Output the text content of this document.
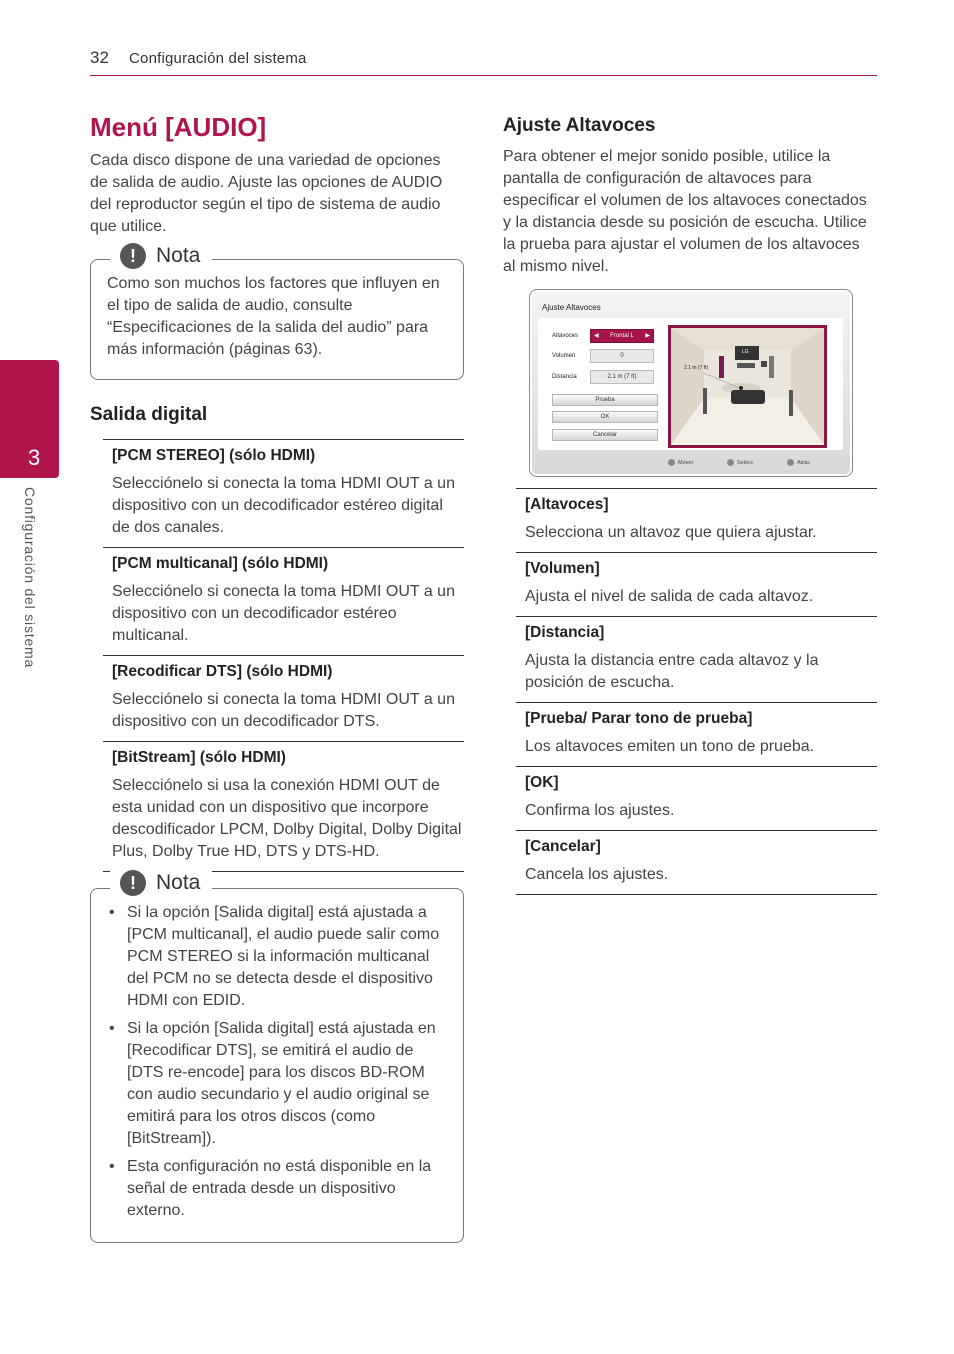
32 Configuración del sistema
3
Configuración del sistema
Menú [AUDIO]
Cada disco dispone de una variedad de opciones de salida de audio. Ajuste las opciones de AUDIO del reproductor según el tipo de sistema de audio que utilice.
Como son muchos los factores que influyen en el tipo de salida de audio, consulte “Especificaciones de la salida del audio” para más información (páginas 63).
! Nota
Salida digital
[PCM STEREO] (sólo HDMI)
Selecciónelo si conecta la toma HDMI OUT a un dispositivo con un decodificador estéreo digital de dos canales.
[PCM multicanal] (sólo HDMI)
Selecciónelo si conecta la toma HDMI OUT a un dispositivo con un decodificador estéreo multicanal.
[Recodificar DTS] (sólo HDMI)
Selecciónelo si conecta la toma HDMI OUT a un dispositivo con un decodificador DTS.
[BitStream] (sólo HDMI)
Selecciónelo si usa la conexión HDMI OUT de esta unidad con un dispositivo que incorpore descodificador LPCM, Dolby Digital, Dolby Digital Plus, Dolby True HD, DTS y DTS-HD.
• Si la opción [Salida digital] está ajustada a [PCM multicanal], el audio puede salir como PCM STEREO si la información multicanal del PCM no se detecta desde el dispositivo HDMI con EDID.
• Si la opción [Salida digital] está ajustada en [Recodificar DTS], se emitirá el audio de [DTS re-encode] para los discos BD-ROM con audio secundario y el audio original se emitirá para los otros discos (como [BitStream]).
• Esta configuración no está disponible en la señal de entrada desde un dispositivo externo.
! Nota
Ajuste Altavoces
Para obtener el mejor sonido posible, utilice la pantalla de configuración de altavoces para especificar el volumen de los altavoces conectados y la distancia desde su posición de escucha. Utilice la prueba para ajustar el volumen de los altavoces al mismo nivel.
Ajuste Altavoces
Altavoces	◀ Frontal L ▶
Volumen	0
Distancia	2.1 m (7 ft)
Prueba
OK
Cancelar
2.1 m (7 ft)
LG
Mover	Selecc	Atrás
[Altavoces]
Selecciona un altavoz que quiera ajustar.
[Volumen]
Ajusta el nivel de salida de cada altavoz.
[Distancia]
Ajusta la distancia entre cada altavoz y la posición de escucha.
[Prueba/ Parar tono de prueba]
Los altavoces emiten un tono de prueba.
[OK]
Confirma los ajustes.
[Cancelar]
Cancela los ajustes.
